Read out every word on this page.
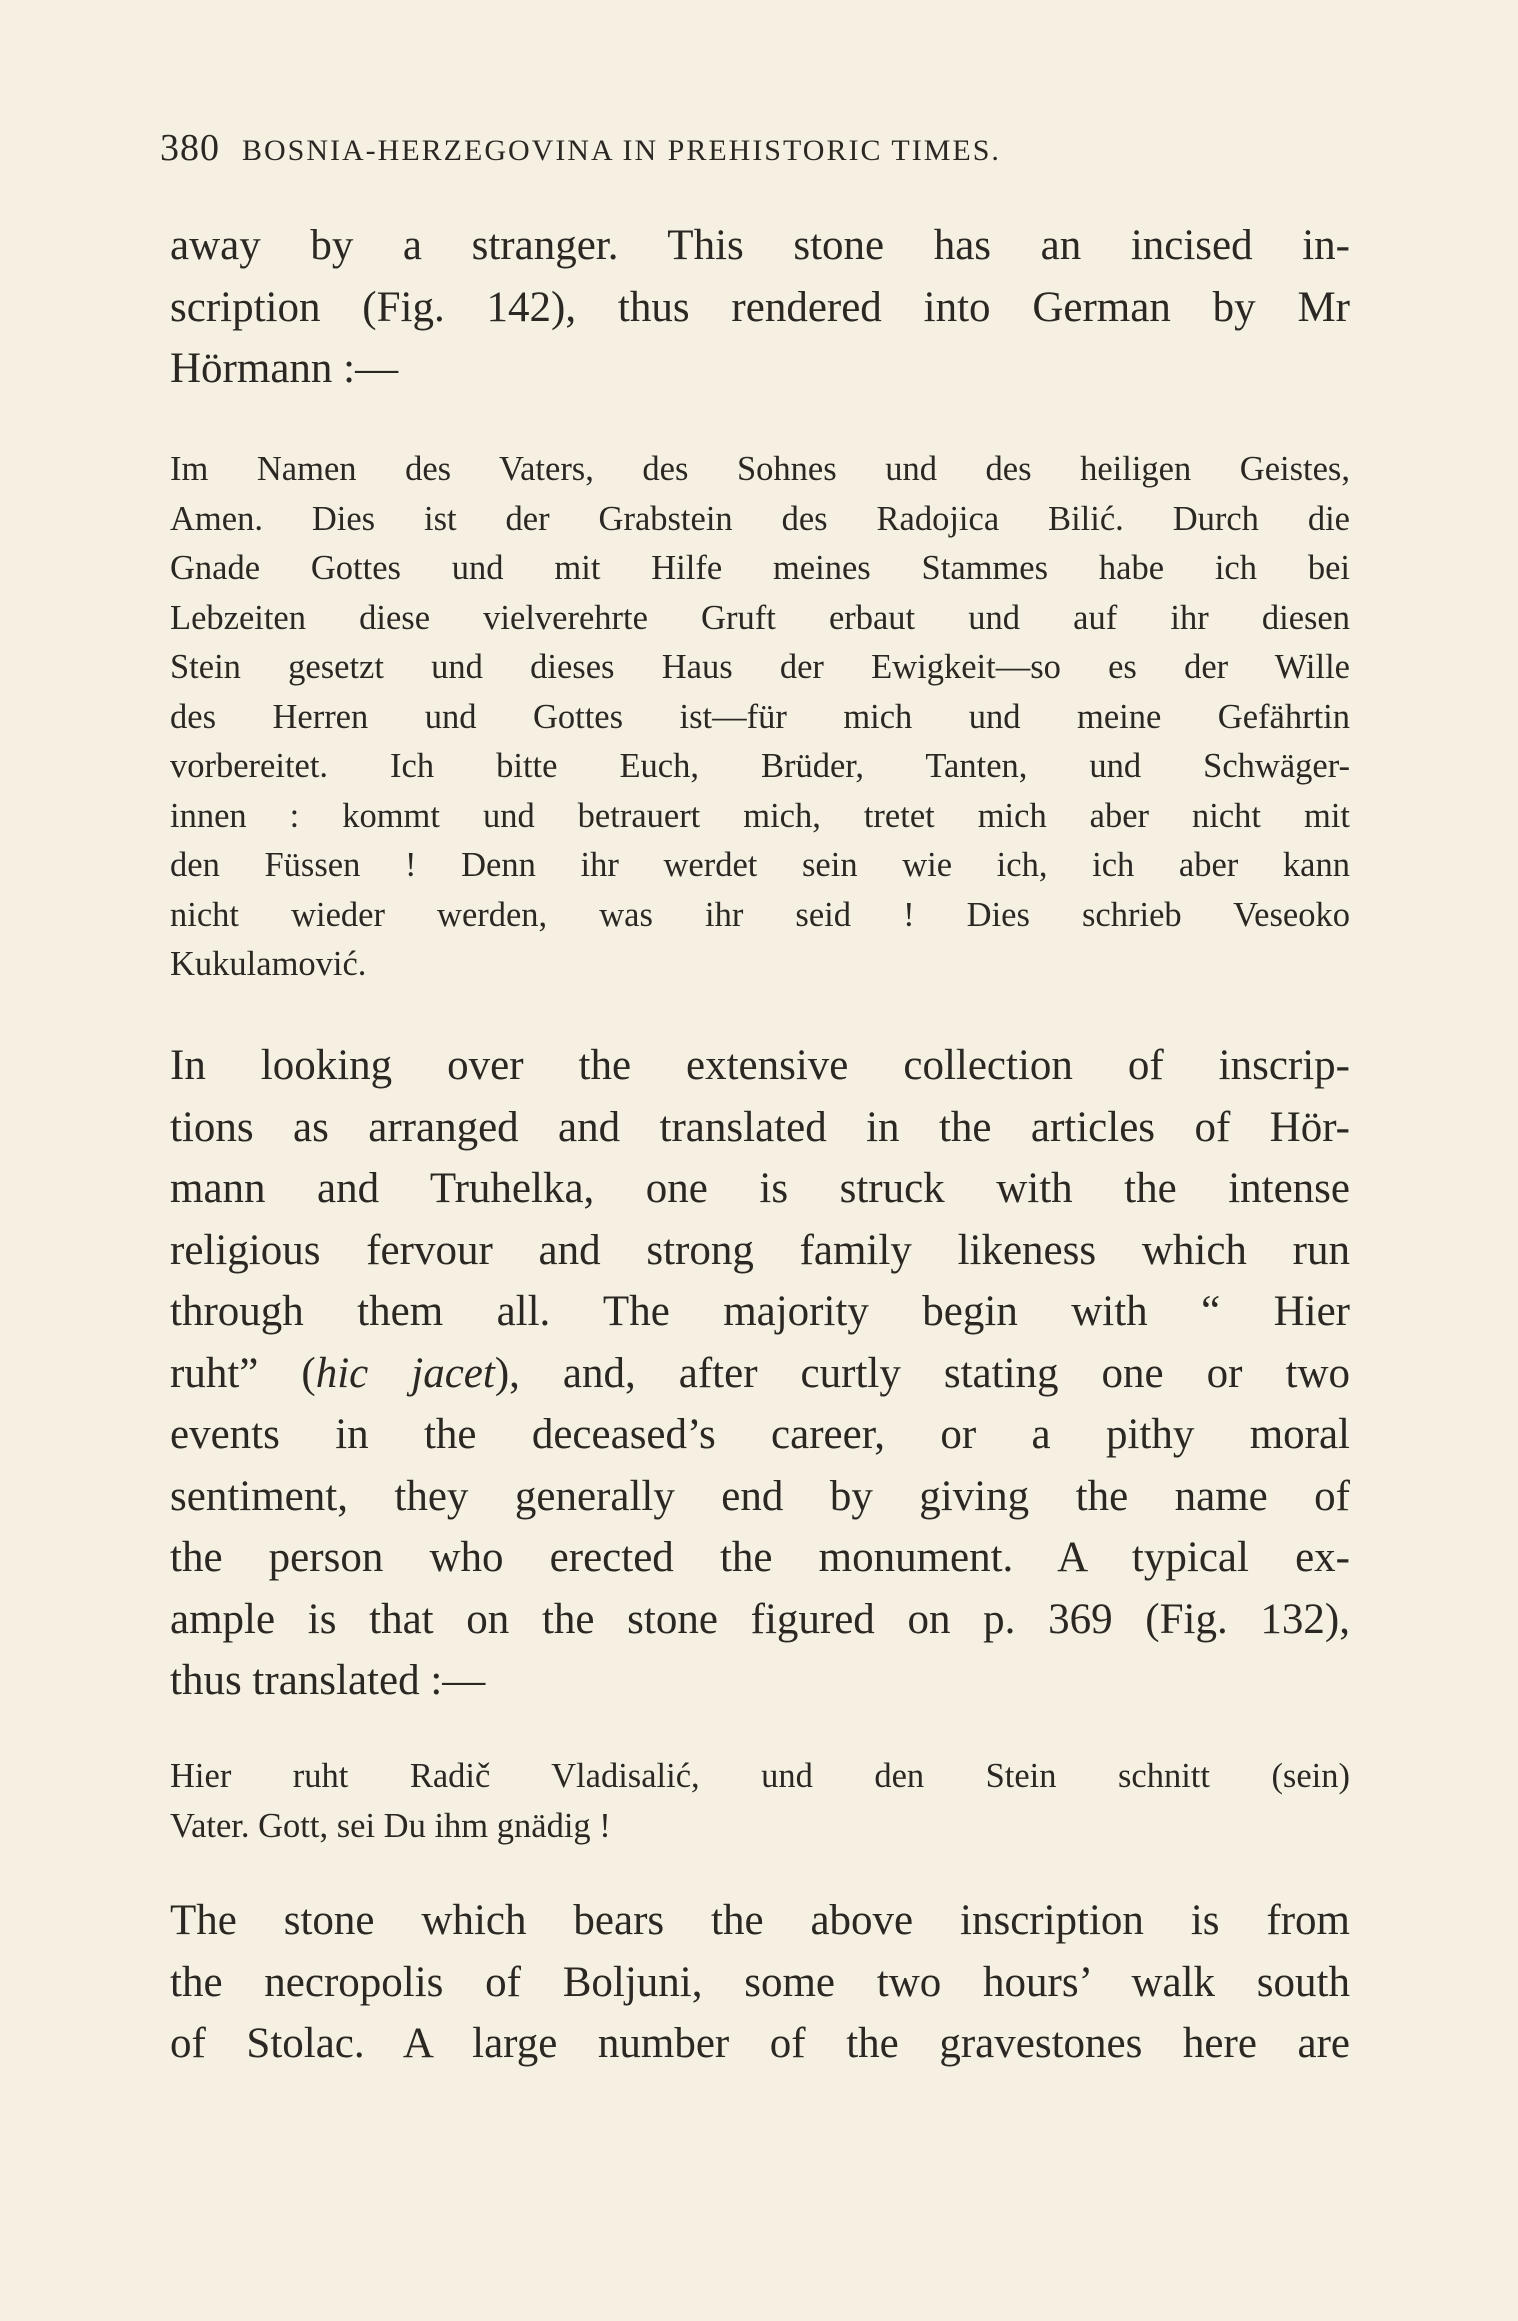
380 BOSNIA-HERZEGOVINA IN PREHISTORIC TIMES.
away by a stranger. This stone has an incised in-
scription (Fig. 142), thus rendered into German by Mr
Hörmann :—
Im Namen des Vaters, des Sohnes und des heiligen Geistes,
Amen. Dies ist der Grabstein des Radojica Bilić. Durch die
Gnade Gottes und mit Hilfe meines Stammes habe ich bei
Lebzeiten diese vielverehrte Gruft erbaut und auf ihr diesen
Stein gesetzt und dieses Haus der Ewigkeit—so es der Wille
des Herren und Gottes ist—für mich und meine Gefährtin
vorbereitet. Ich bitte Euch, Brüder, Tanten, und Schwäger-
innen : kommt und betrauert mich, tretet mich aber nicht mit
den Füssen ! Denn ihr werdet sein wie ich, ich aber kann
nicht wieder werden, was ihr seid ! Dies schrieb Veseoko
Kukulamović.
In looking over the extensive collection of inscrip-
tions as arranged and translated in the articles of Hör-
mann and Truhelka, one is struck with the intense
religious fervour and strong family likeness which run
through them all. The majority begin with “ Hier
ruht” (hic jacet), and, after curtly stating one or two
events in the deceased’s career, or a pithy moral
sentiment, they generally end by giving the name of
the person who erected the monument. A typical ex-
ample is that on the stone figured on p. 369 (Fig. 132),
thus translated :—
Hier ruht Radič Vladisalić, und den Stein schnitt (sein)
Vater. Gott, sei Du ihm gnädig !
The stone which bears the above inscription is from
the necropolis of Boljuni, some two hours’ walk south
of Stolac. A large number of the gravestones here are
